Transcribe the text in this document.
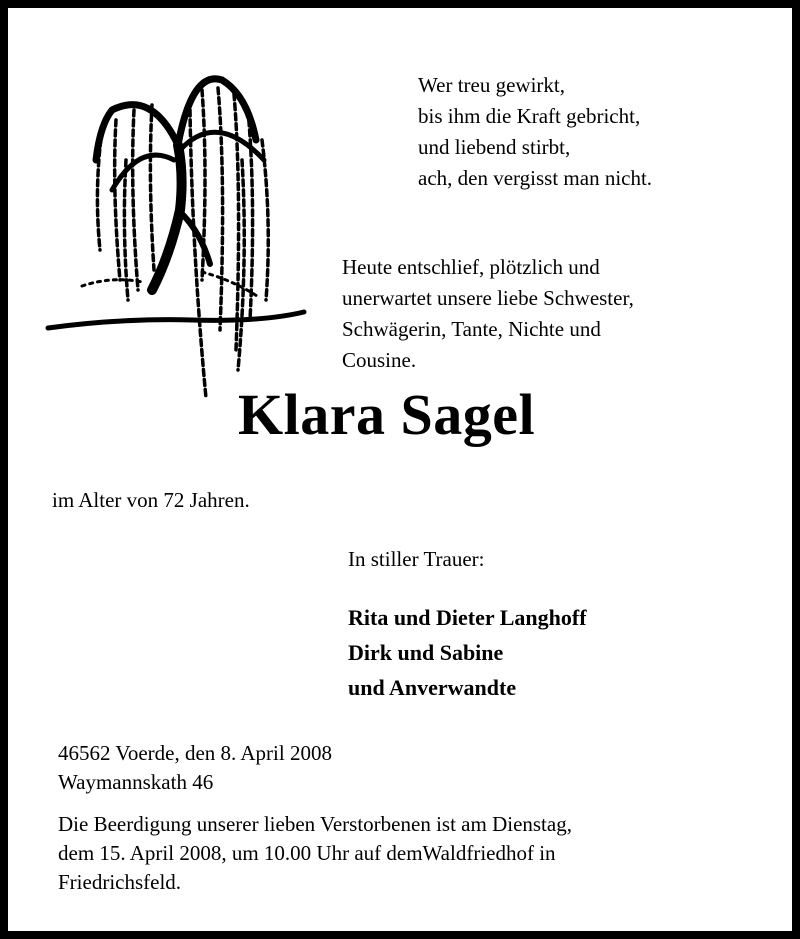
Wer treu gewirkt,
bis ihm die Kraft gebricht,
und liebend stirbt,
ach, den vergisst man nicht.
Heute entschlief, plötzlich und
unerwartet unsere liebe Schwester,
Schwägerin, Tante, Nichte und
Cousine.
Klara Sagel

im Alter von 72 Jahren.

In stiller Trauer:

Rita und Dieter Langhoff
Dirk und Sabine
und Anverwandte
46562 Voerde, den 8. April 2008
Waymannskath 46
Die Beerdigung unserer lieben Verstorbenen ist am Dienstag,
dem 15. April 2008, um 10.00 Uhr auf demWaldfriedhof in
Friedrichsfeld.
